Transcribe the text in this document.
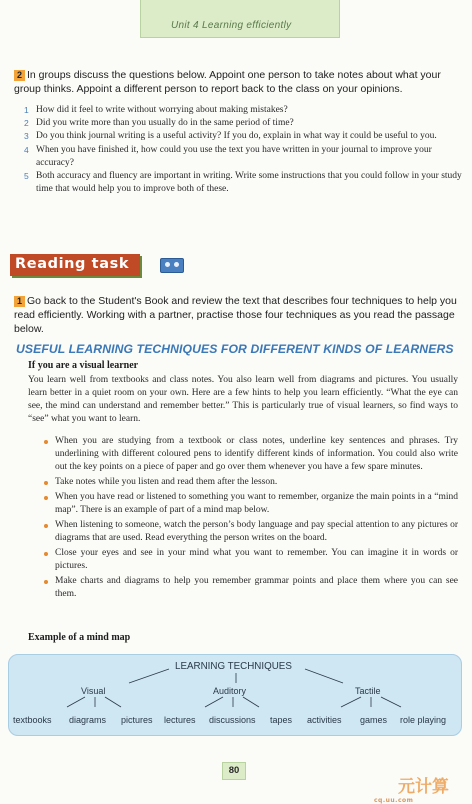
Unit 4 Learning efficiently
2 In groups discuss the questions below. Appoint one person to take notes about what your group thinks. Appoint a different person to report back to the class on your opinions.
1 How did it feel to write without worrying about making mistakes?
2 Did you write more than you usually do in the same period of time?
3 Do you think journal writing is a useful activity? If you do, explain in what way it could be useful to you.
4 When you have finished it, how could you use the text you have written in your journal to improve your accuracy?
5 Both accuracy and fluency are important in writing. Write some instructions that you could follow in your study time that would help you to improve both of these.
Reading task
1 Go back to the Student's Book and review the text that describes four techniques to help you read efficiently. Working with a partner, practise those four techniques as you read the passage below.
USEFUL LEARNING TECHNIQUES FOR DIFFERENT KINDS OF LEARNERS
If you are a visual learner
You learn well from textbooks and class notes. You also learn well from diagrams and pictures. You usually learn better in a quiet room on your own. Here are a few hints to help you learn efficiently. “What the eye can see, the mind can understand and remember better.” This is particularly true of visual learners, so find ways to “see” what you want to learn.
When you are studying from a textbook or class notes, underline key sentences and phrases. Try underlining with different coloured pens to identify different kinds of information. You could also write out the key points on a piece of paper and go over them whenever you have a few spare minutes.
Take notes while you listen and read them after the lesson.
When you have read or listened to something you want to remember, organize the main points in a “mind map”. There is an example of part of a mind map below.
When listening to someone, watch the person’s body language and pay special attention to any pictures or diagrams that are used. Read everything the person writes on the board.
Close your eyes and see in your mind what you want to remember. You can imagine it in words or pictures.
Make charts and diagrams to help you remember grammar points and place them where you can see them.
Example of a mind map
LEARNING TECHNIQUES
Visual	Auditory	Tactile
textbooks diagrams pictures lectures discussions tapes activities games role playing
80
元计算
cq.uu.com
